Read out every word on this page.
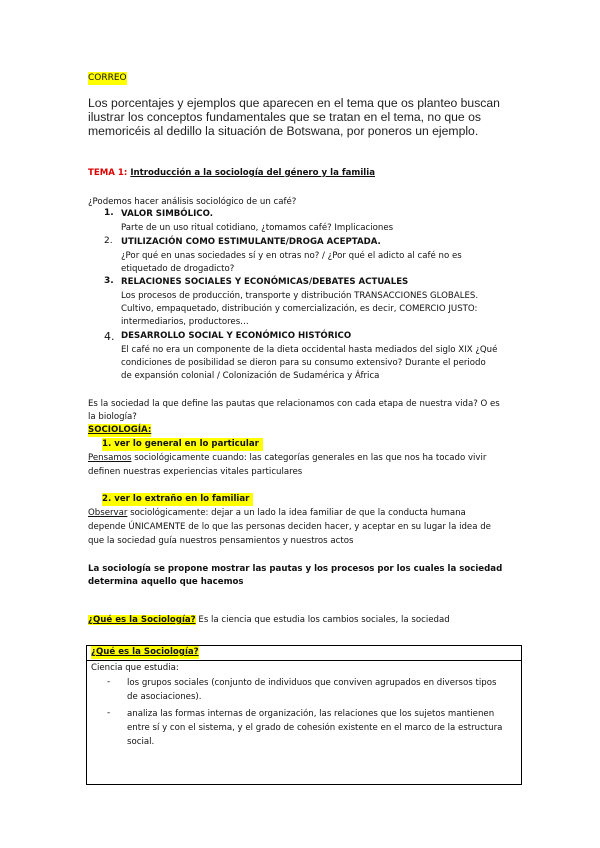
CORREO
Los porcentajes y ejemplos que aparecen en el tema que os planteo buscan
ilustrar los conceptos fundamentales que se tratan en el tema, no que os
memoricéis al dedillo la situación de Botswana, por poneros un ejemplo.
TEMA 1: Introducción a la sociología del género y la familia
¿Podemos hacer análisis sociológico de un café?
1. VALOR SIMBÓLICO.
Parte de un uso ritual cotidiano, ¿tomamos café? Implicaciones
2. UTILIZACIÓN COMO ESTIMULANTE/DROGA ACEPTADA.
¿Por qué en unas sociedades sí y en otras no? / ¿Por qué el adicto al café no es
etiquetado de drogadicto?
3. RELACIONES SOCIALES Y ECONÓMICAS/DEBATES ACTUALES
Los procesos de producción, transporte y distribución TRANSACCIONES GLOBALES.
Cultivo, empaquetado, distribución y comercialización, es decir, COMERCIO JUSTO:
intermediarios, productores…
4. DESARROLLO SOCIAL Y ECONÓMICO HISTÓRICO
El café no era un componente de la dieta occidental hasta mediados del siglo XIX ¿Qué
condiciones de posibilidad se dieron para su consumo extensivo? Durante el periodo
de expansión colonial / Colonización de Sudamérica y África
Es la sociedad la que define las pautas que relacionamos con cada etapa de nuestra vida? O es
la biología?
SOCIOLOGÍA:
1. ver lo general en lo particular
Pensamos sociológicamente cuando: las categorías generales en las que nos ha tocado vivir
definen nuestras experiencias vitales particulares
2. ver lo extraño en lo familiar
Observar sociológicamente: dejar a un lado la idea familiar de que la conducta humana
depende ÚNICAMENTE de lo que las personas deciden hacer, y aceptar en su lugar la idea de
que la sociedad guía nuestros pensamientos y nuestros actos
La sociología se propone mostrar las pautas y los procesos por los cuales la sociedad
determina aquello que hacemos
¿Qué es la Sociología? Es la ciencia que estudia los cambios sociales, la sociedad
¿Qué es la Sociología?
Ciencia que estudia:
- los grupos sociales (conjunto de individuos que conviven agrupados en diversos tipos
de asociaciones).
- analiza las formas internas de organización, las relaciones que los sujetos mantienen
entre sí y con el sistema, y el grado de cohesión existente en el marco de la estructura
social.
